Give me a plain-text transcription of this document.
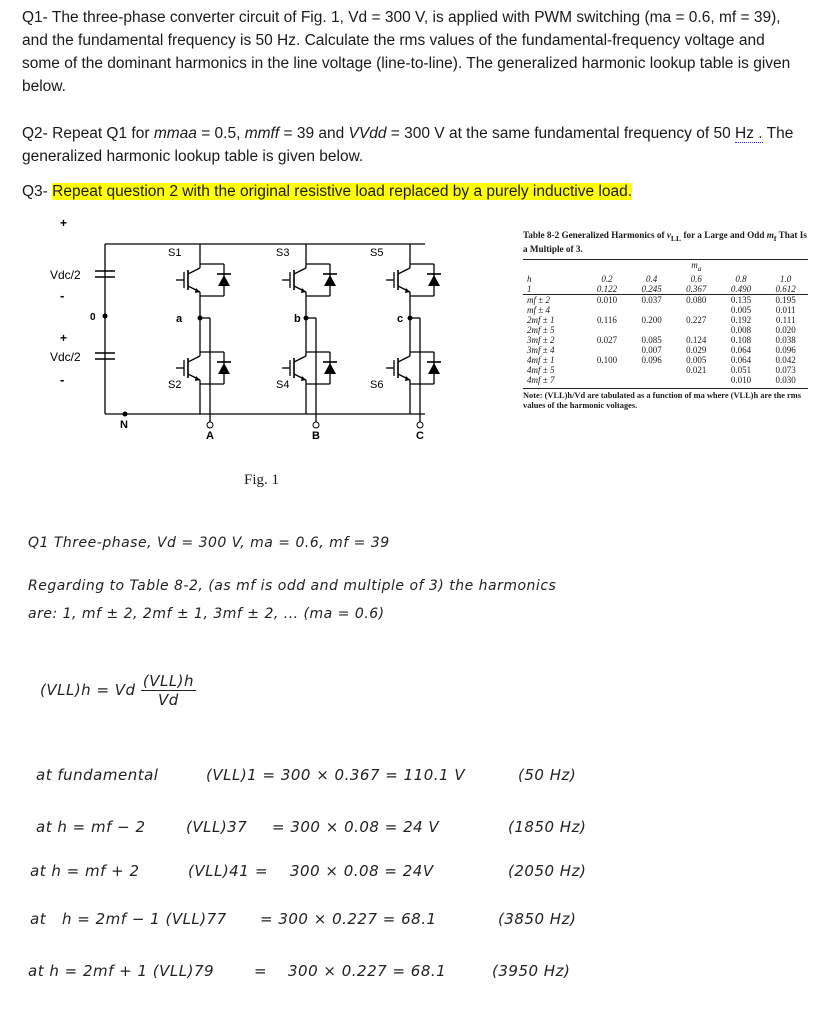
Q1- The three-phase converter circuit of Fig. 1, Vd = 300 V, is applied with PWM switching (ma = 0.6, mf = 39), and the fundamental frequency is 50 Hz. Calculate the rms values of the fundamental-frequency voltage and some of the dominant harmonics in the line voltage (line-to-line). The generalized harmonic lookup table is given below.
Q2- Repeat Q1 for mmaa = 0.5, mmff = 39 and VVdd = 300 V at the same fundamental frequency of 50 Hz . The generalized harmonic lookup table is given below.
Q3- Repeat question 2 with the original resistive load replaced by a purely inductive load.
+
Vdc/2
-
0
+
Vdc/2
-
N
S1	S3	S5
S2	S4	S6
a	b	c
A	B	C
Fig. 1
Table 8-2 Generalized Harmonics of $v_{LL}$ for a Large and Odd $m_f$ That Is a Multiple of 3.
	$m_a$
h	0.2	0.4	0.6	0.8	1.0
1	0.122	0.245	0.367	0.490	0.612
mf ± 2	0.010	0.037	0.080	0.135	0.195
mf ± 4				0.005	0.011
2mf ± 1	0.116	0.200	0.227	0.192	0.111
2mf ± 5				0.008	0.020
3mf ± 2	0.027	0.085	0.124	0.108	0.038
3mf ± 4		0.007	0.029	0.064	0.096
4mf ± 1	0.100	0.096	0.005	0.064	0.042
4mf ± 5			0.021	0.051	0.073
4mf ± 7				0.010	0.030
Note: (VLL)h/Vd are tabulated as a function of ma where (VLL)h are the rms values of the harmonic voltages.
Q1 Three-phase, Vd = 300 V, ma = 0.6, mf = 39
Regarding to Table 8-2, (as mf is odd and multiple of 3) the harmonics
are: 1, mf ± 2, 2mf ± 1, 3mf ± 2, ... (ma = 0.6)
(VLL)h = Vd $\frac{\text{(VLL)h}}{Vd}$
at fundamental	(VLL)1 = 300 × 0.367 = 110.1 V	(50 Hz)
at h = mf − 2	(VLL)37 = 300 × 0.08 = 24 V	(1850 Hz)
at h = mf + 2	(VLL)41 = 300 × 0.08 = 24V	(2050 Hz)
at h = 2mf − 1 (VLL)77 = 300 × 0.227 = 68.1	(3850 Hz)
at h = 2mf + 1 (VLL)79	= 300 × 0.227 = 68.1	(3950 Hz)
